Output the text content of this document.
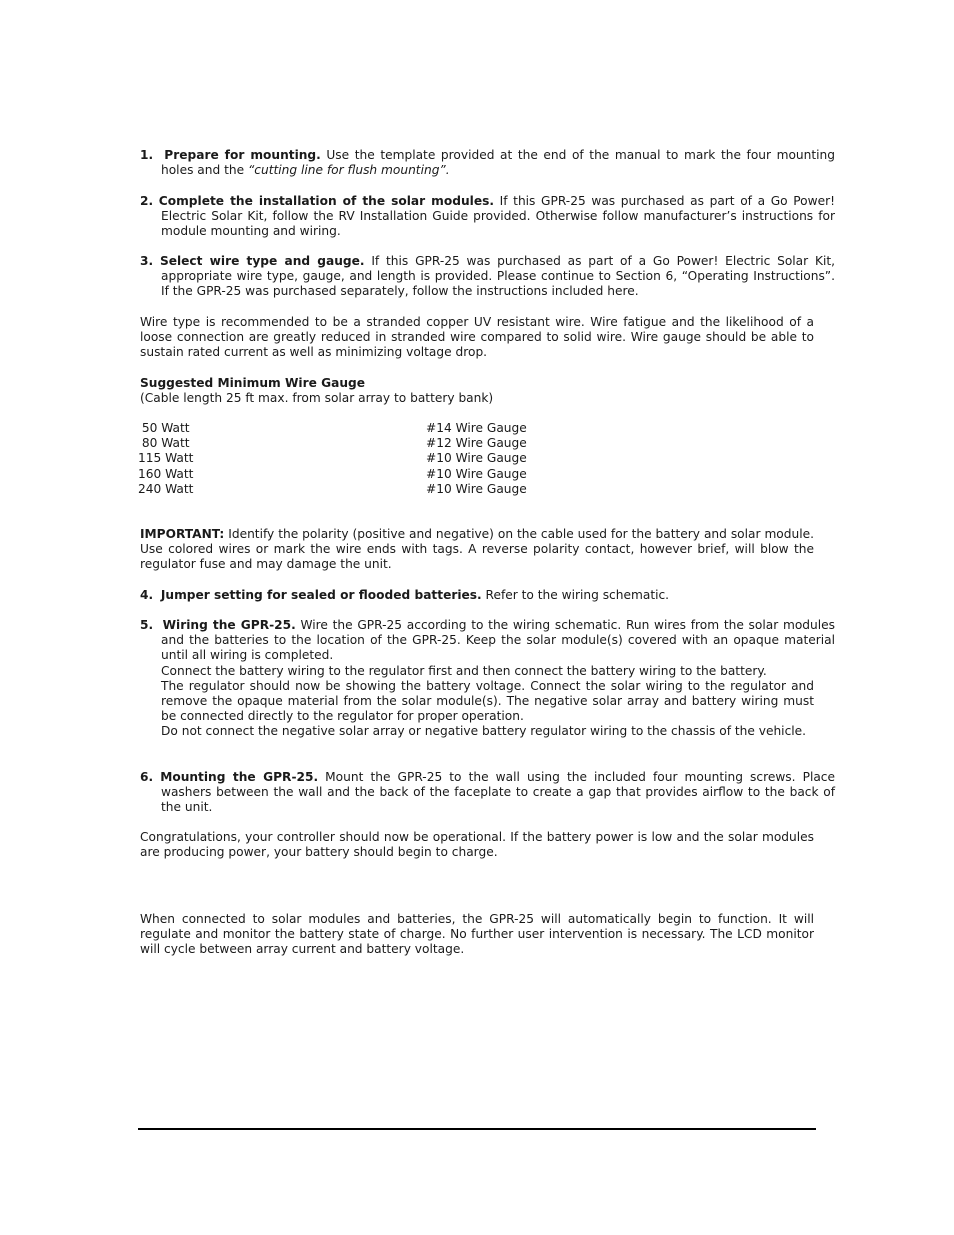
1. Prepare for mounting. Use the template provided at the end of the manual to mark the four mounting holes and the “cutting line for flush mounting”.
2. Complete the installation of the solar modules. If this GPR-25 was purchased as part of a Go Power! Electric Solar Kit, follow the RV Installation Guide provided. Otherwise follow manufacturer’s instructions for module mounting and wiring.
3. Select wire type and gauge. If this GPR-25 was purchased as part of a Go Power! Electric Solar Kit, appropriate wire type, gauge, and length is provided. Please continue to Section 6, “Operating Instructions”. If the GPR-25 was purchased separately, follow the instructions included here.
Wire type is recommended to be a stranded copper UV resistant wire. Wire fatigue and the likelihood of a loose connection are greatly reduced in stranded wire compared to solid wire. Wire gauge should be able to sustain rated current as well as minimizing voltage drop.
Suggested Minimum Wire Gauge
(Cable length 25 ft max. from solar array to battery bank)
50 Watt	#14 Wire Gauge
80 Watt	#12 Wire Gauge
115 Watt	#10 Wire Gauge
160 Watt	#10 Wire Gauge
240 Watt	#10 Wire Gauge
IMPORTANT: Identify the polarity (positive and negative) on the cable used for the battery and solar module. Use colored wires or mark the wire ends with tags. A reverse polarity contact, however brief, will blow the regulator fuse and may damage the unit.
4. Jumper setting for sealed or flooded batteries. Refer to the wiring schematic.
5. Wiring the GPR-25. Wire the GPR-25 according to the wiring schematic. Run wires from the solar modules and the batteries to the location of the GPR-25. Keep the solar module(s) covered with an opaque material until all wiring is completed.
Connect the battery wiring to the regulator first and then connect the battery wiring to the battery.
The regulator should now be showing the battery voltage. Connect the solar wiring to the regulator and remove the opaque material from the solar module(s). The negative solar array and battery wiring must be connected directly to the regulator for proper operation.
Do not connect the negative solar array or negative battery regulator wiring to the chassis of the vehicle.
6. Mounting the GPR-25. Mount the GPR-25 to the wall using the included four mounting screws. Place washers between the wall and the back of the faceplate to create a gap that provides airflow to the back of the unit.
Congratulations, your controller should now be operational. If the battery power is low and the solar modules are producing power, your battery should begin to charge.
When connected to solar modules and batteries, the GPR-25 will automatically begin to function. It will regulate and monitor the battery state of charge. No further user intervention is necessary. The LCD monitor will cycle between array current and battery voltage.
